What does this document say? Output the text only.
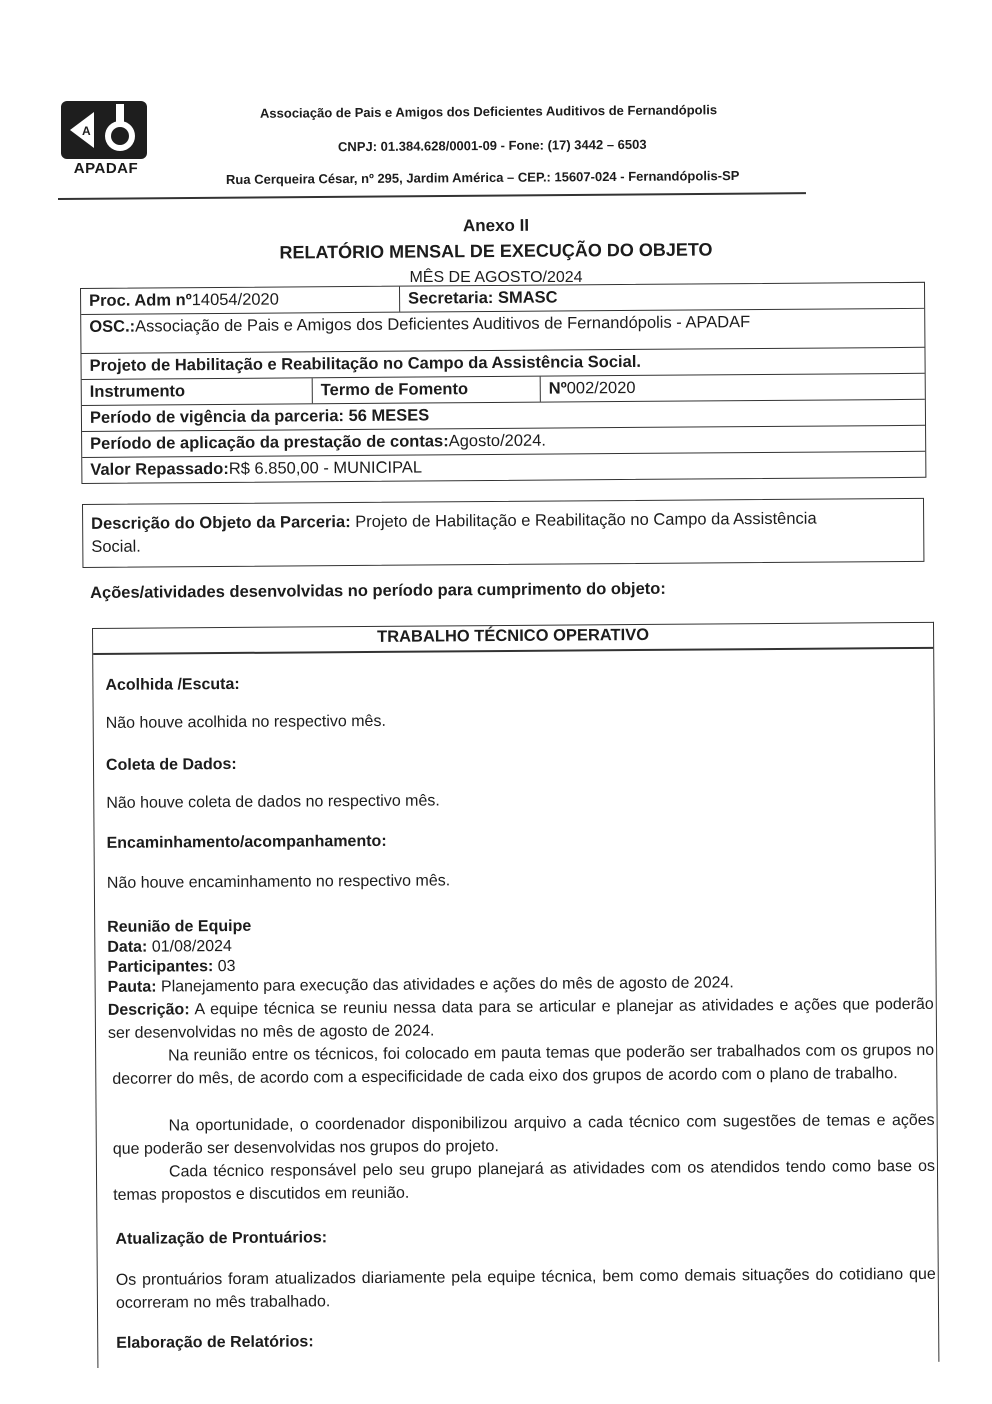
A
APADAF
Associação de Pais e Amigos dos Deficientes Auditivos de Fernandópolis
CNPJ: 01.384.628/0001-09 - Fone: (17) 3442 – 6503
Rua Cerqueira César, nº 295, Jardim América – CEP.: 15607-024 - Fernandópolis-SP
Anexo II
RELATÓRIO MENSAL DE EXECUÇÃO DO OBJETO
MÊS DE AGOSTO/2024
Proc. Adm nº 14054/2020	Secretaria: SMASC
OSC.: Associação de Pais e Amigos dos Deficientes Auditivos de Fernandópolis - APADAF
Projeto de Habilitação e Reabilitação no Campo da Assistência Social.
Instrumento	Termo de Fomento	Nº 002/2020
Período de vigência da parceria: 56 MESES
Período de aplicação da prestação de contas: Agosto/2024.
Valor Repassado: R$ 6.850,00 - MUNICIPAL
Descrição do Objeto da Parceria: Projeto de Habilitação e Reabilitação no Campo da Assistência
Social.
Ações/atividades desenvolvidas no período para cumprimento do objeto:
TRABALHO TÉCNICO OPERATIVO
Acolhida /Escuta:
Não houve acolhida no respectivo mês.
Coleta de Dados:
Não houve coleta de dados no respectivo mês.
Encaminhamento/acompanhamento:
Não houve encaminhamento no respectivo mês.
Reunião de Equipe
Data: 01/08/2024
Participantes: 03
Pauta: Planejamento para execução das atividades e ações do mês de agosto de 2024.
Descrição: A equipe técnica se reuniu nessa data para se articular e planejar as atividades e ações que poderão ser desenvolvidas no mês de agosto de 2024.
Na reunião entre os técnicos, foi colocado em pauta temas que poderão ser trabalhados com os grupos no decorrer do mês, de acordo com a especificidade de cada eixo dos grupos de acordo com o plano de trabalho.
Na oportunidade, o coordenador disponibilizou arquivo a cada técnico com sugestões de temas e ações que poderão ser desenvolvidas nos grupos do projeto.
Cada técnico responsável pelo seu grupo planejará as atividades com os atendidos tendo como base os temas propostos e discutidos em reunião.
Atualização de Prontuários:
Os prontuários foram atualizados diariamente pela equipe técnica, bem como demais situações do cotidiano que ocorreram no mês trabalhado.
Elaboração de Relatórios:
